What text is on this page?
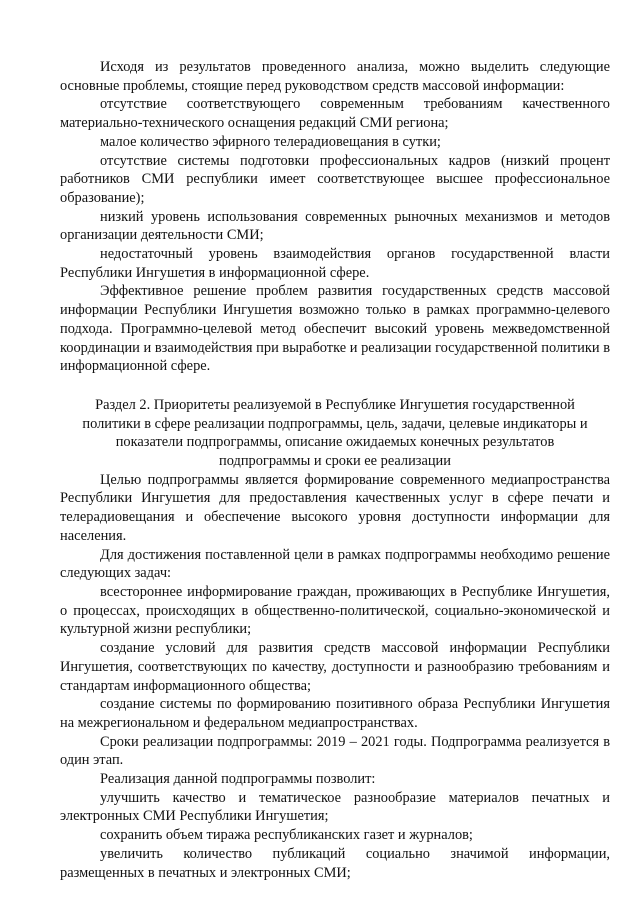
Исходя из результатов проведенного анализа, можно выделить следующие основные проблемы, стоящие перед руководством средств массовой информации:

отсутствие соответствующего современным требованиям качественного материально-технического оснащения редакций СМИ региона;

малое количество эфирного телерадиовещания в сутки;

отсутствие системы подготовки профессиональных кадров (низкий процент работников СМИ республики имеет соответствующее высшее профессиональное образование);

низкий уровень использования современных рыночных механизмов и методов организации деятельности СМИ;

недостаточный уровень взаимодействия органов государственной власти Республики Ингушетия в информационной сфере.

Эффективное решение проблем развития государственных средств массовой информации Республики Ингушетия возможно только в рамках программно-целевого подхода. Программно-целевой метод обеспечит высокий уровень межведомственной координации и взаимодействия при выработке и реализации государственной политики в информационной сфере.

Раздел 2. Приоритеты реализуемой в Республике Ингушетия государственной
политики в сфере реализации подпрограммы, цель, задачи, целевые индикаторы и
показатели подпрограммы, описание ожидаемых конечных результатов
подпрограммы и сроки ее реализации

Целью подпрограммы является формирование современного медиапространства Республики Ингушетия для предоставления качественных услуг в сфере печати и телерадиовещания и обеспечение высокого уровня доступности информации для населения.

Для достижения поставленной цели в рамках подпрограммы необходимо решение следующих задач:

всестороннее информирование граждан, проживающих в Республике Ингушетия, о процессах, происходящих в общественно-политической, социально-экономической и культурной жизни республики;

создание условий для развития средств массовой информации Республики Ингушетия, соответствующих по качеству, доступности и разнообразию требованиям и стандартам информационного общества;

создание системы по формированию позитивного образа Республики Ингушетия на межрегиональном и федеральном медиапространствах.

Сроки реализации подпрограммы: 2019 – 2021 годы. Подпрограмма реализуется в один этап.

Реализация данной подпрограммы позволит:

улучшить качество и тематическое разнообразие материалов печатных и электронных СМИ Республики Ингушетия;

сохранить объем тиража республиканских газет и журналов;

увеличить количество публикаций социально значимой информации, размещенных в печатных и электронных СМИ;
